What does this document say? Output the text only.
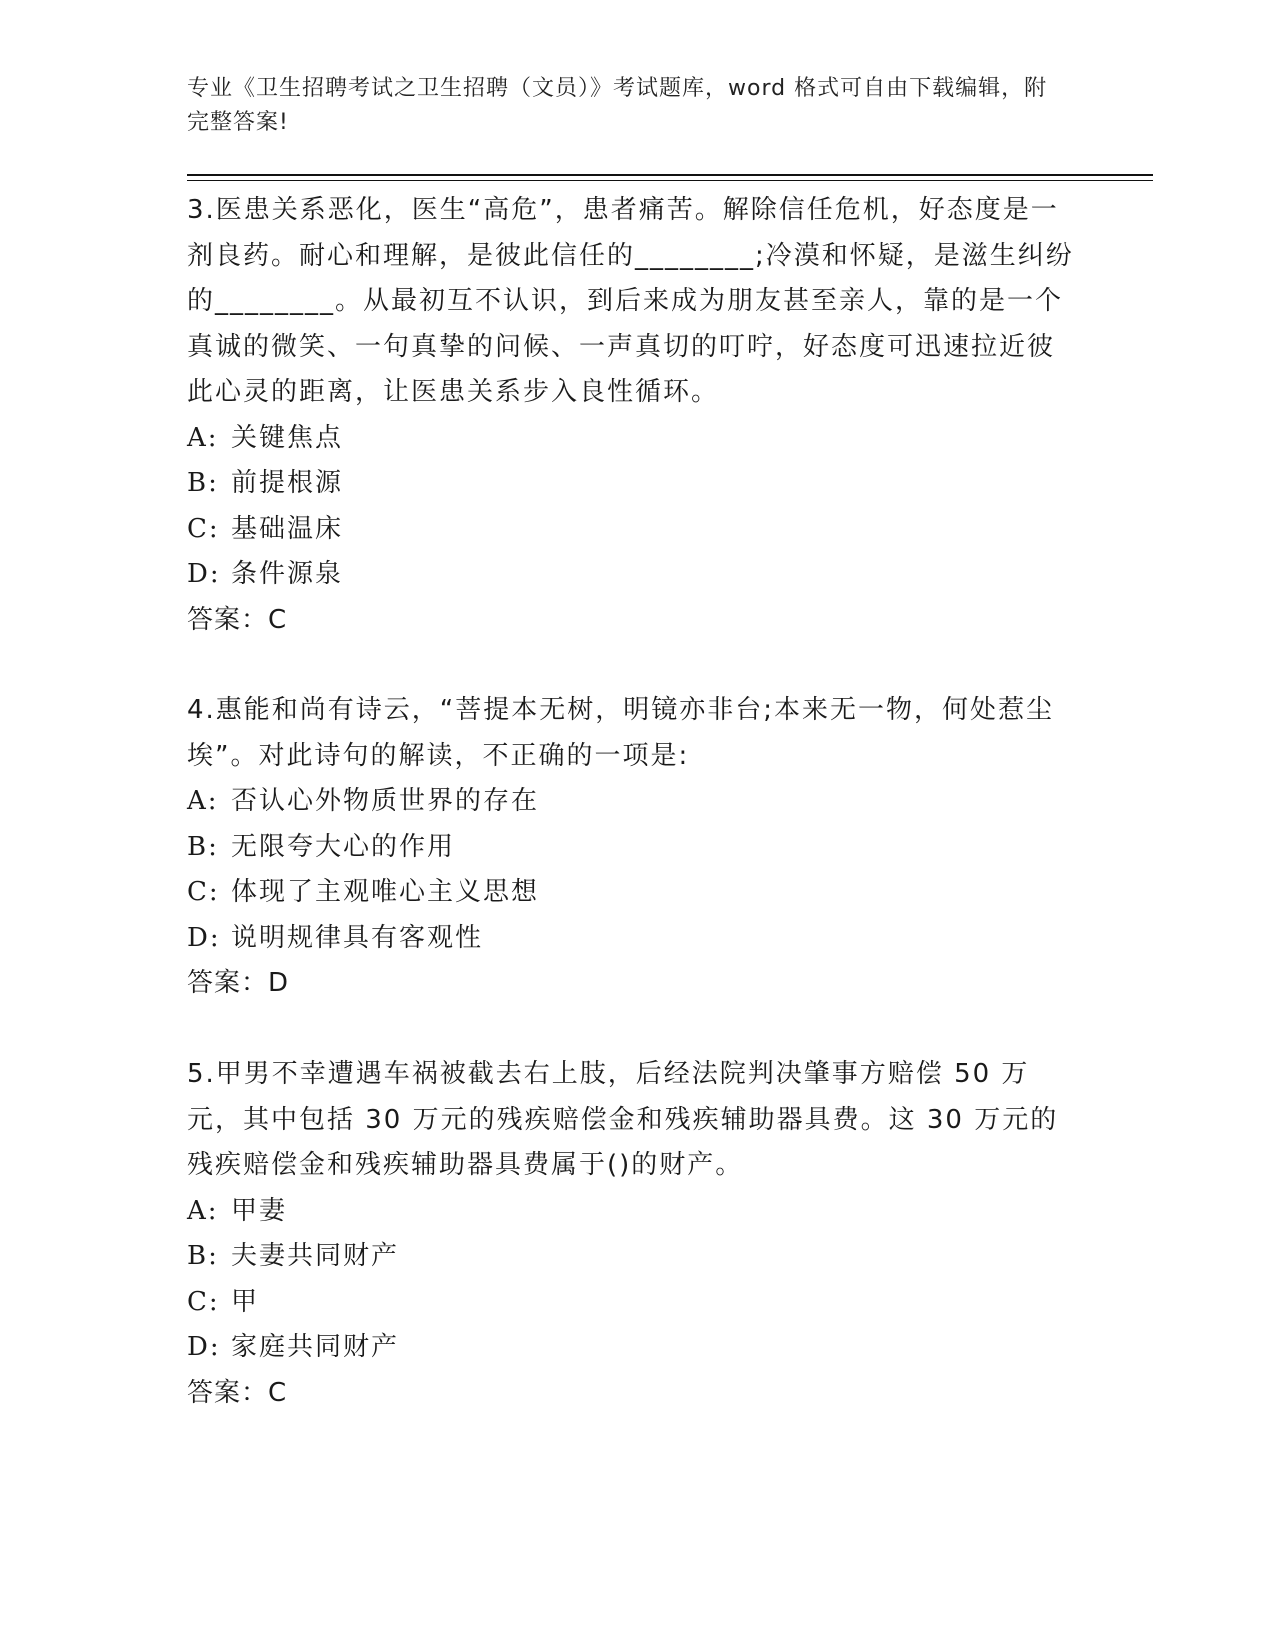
专业《卫生招聘考试之卫生招聘（文员）》考试题库，word 格式可自由下载编辑，附完整答案!

3.医患关系恶化，医生“高危”，患者痛苦。解除信任危机，好态度是一剂良药。耐心和理解，是彼此信任的________;冷漠和怀疑，是滋生纠纷的________。从最初互不认识，到后来成为朋友甚至亲人，靠的是一个真诚的微笑、一句真挚的问候、一声真切的叮咛，好态度可迅速拉近彼此心灵的距离，让医患关系步入良性循环。

A: 关键焦点

B: 前提根源

C: 基础温床

D: 条件源泉

答案：C

4.惠能和尚有诗云，“菩提本无树，明镜亦非台;本来无一物，何处惹尘埃”。对此诗句的解读，不正确的一项是:

A: 否认心外物质世界的存在

B: 无限夸大心的作用

C: 体现了主观唯心主义思想

D: 说明规律具有客观性

答案：D

5.甲男不幸遭遇车祸被截去右上肢，后经法院判决肇事方赔偿 50 万元，其中包括 30 万元的残疾赔偿金和残疾辅助器具费。这 30 万元的残疾赔偿金和残疾辅助器具费属于()的财产。

A: 甲妻

B: 夫妻共同财产

C: 甲

D: 家庭共同财产

答案：C
